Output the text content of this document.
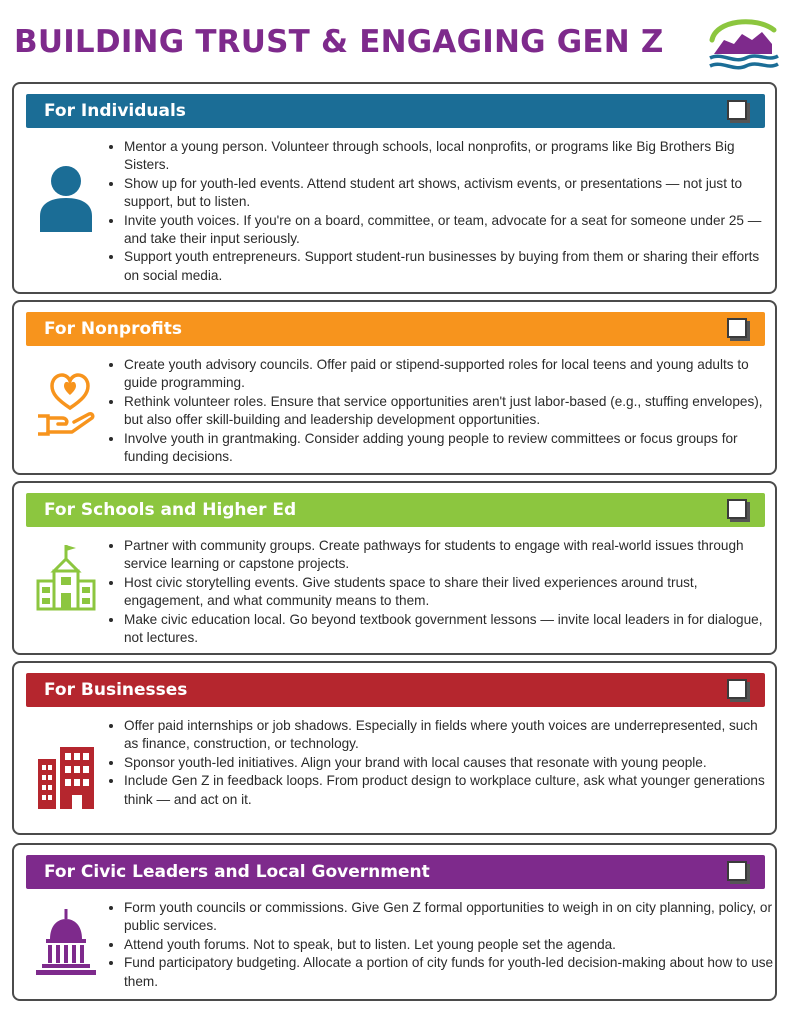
BUILDING TRUST & ENGAGING GEN Z
For Individuals
• Mentor a young person. Volunteer through schools, local nonprofits, or programs like Big Brothers Big Sisters.
• Show up for youth-led events. Attend student art shows, activism events, or presentations — not just to support, but to listen.
• Invite youth voices. If you're on a board, committee, or team, advocate for a seat for someone under 25 — and take their input seriously.
• Support youth entrepreneurs. Support student-run businesses by buying from them or sharing their efforts on social media.
For Nonprofits
• Create youth advisory councils. Offer paid or stipend-supported roles for local teens and young adults to guide programming.
• Rethink volunteer roles. Ensure that service opportunities aren't just labor-based (e.g., stuffing envelopes), but also offer skill-building and leadership development opportunities.
• Involve youth in grantmaking. Consider adding young people to review committees or focus groups for funding decisions.
For Schools and Higher Ed
• Partner with community groups. Create pathways for students to engage with real-world issues through service learning or capstone projects.
• Host civic storytelling events. Give students space to share their lived experiences around trust, engagement, and what community means to them.
• Make civic education local. Go beyond textbook government lessons — invite local leaders in for dialogue, not lectures.
For Businesses
• Offer paid internships or job shadows. Especially in fields where youth voices are underrepresented, such as finance, construction, or technology.
• Sponsor youth-led initiatives. Align your brand with local causes that resonate with young people.
• Include Gen Z in feedback loops. From product design to workplace culture, ask what younger generations think — and act on it.
For Civic Leaders and Local Government
• Form youth councils or commissions. Give Gen Z formal opportunities to weigh in on city planning, policy, or public services.
• Attend youth forums. Not to speak, but to listen. Let young people set the agenda.
• Fund participatory budgeting. Allocate a portion of city funds for youth-led decision-making about how to use them.
